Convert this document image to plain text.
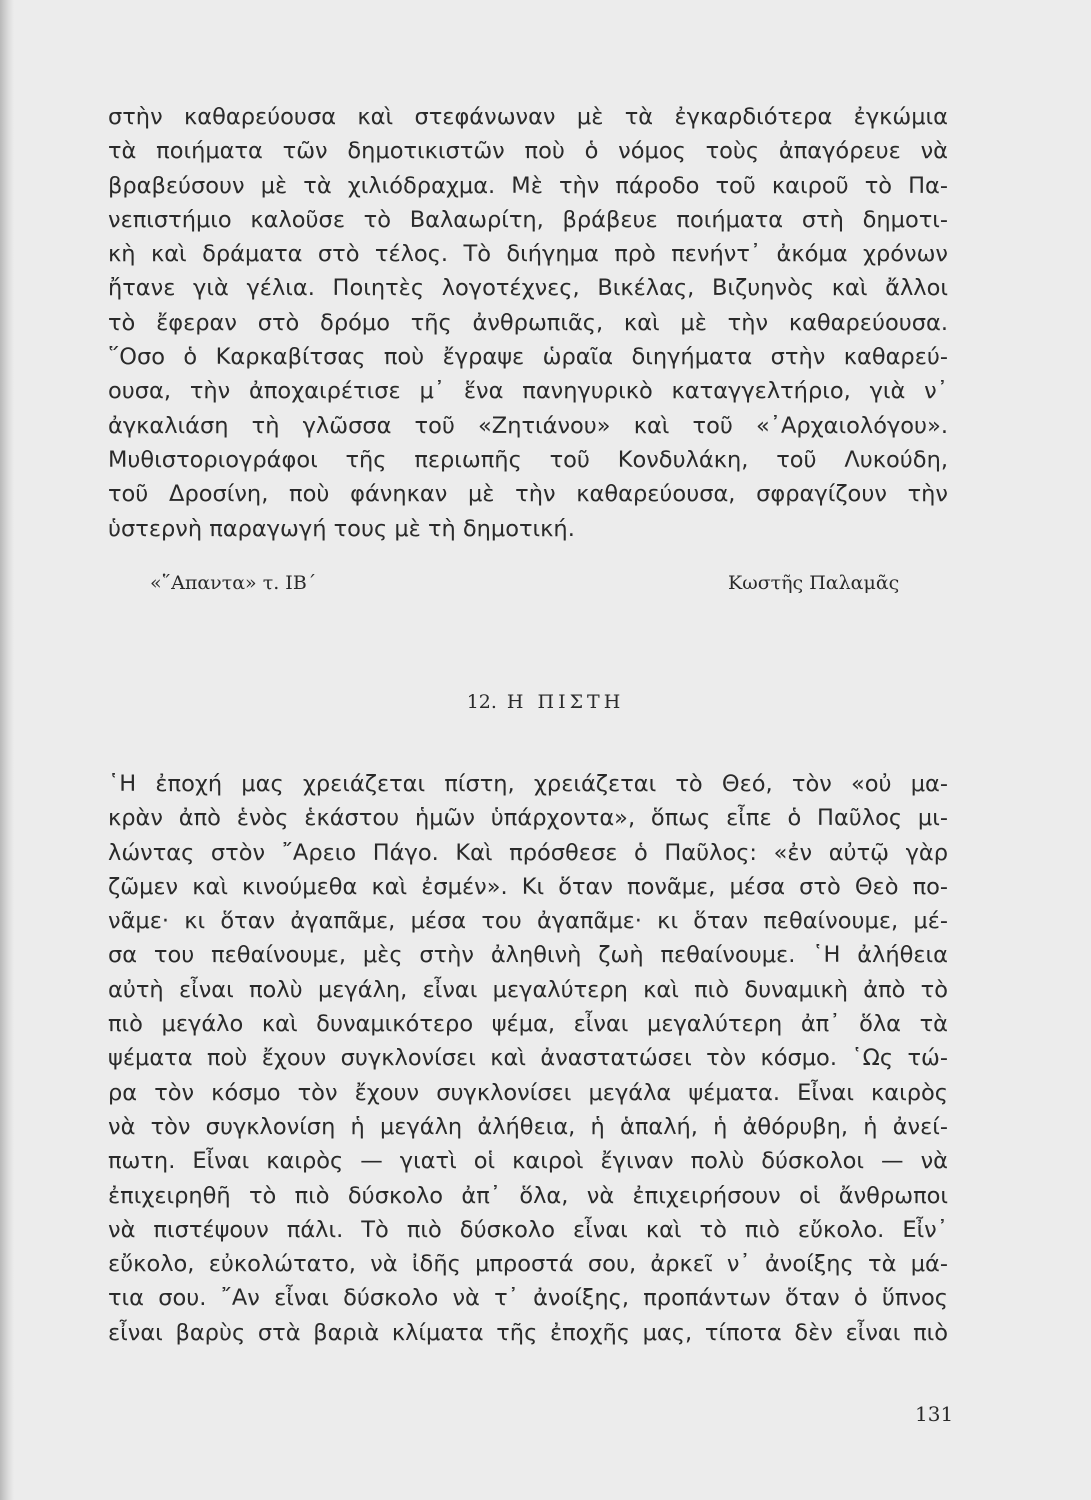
στὴν καθαρεύουσα καὶ στεφάνωναν μὲ τὰ ἐγκαρδιότερα ἐγκώμια
τὰ ποιήματα τῶν δημοτικιστῶν ποὺ ὁ νόμος τοὺς ἀπαγόρευε νὰ
βραβεύσουν μὲ τὰ χιλιόδραχμα. Μὲ τὴν πάροδο τοῦ καιροῦ τὸ Πα-
νεπιστήμιο καλοῦσε τὸ Βαλαωρίτη, βράβευε ποιήματα στὴ δημοτι-
κὴ καὶ δράματα στὸ τέλος. Τὸ διήγημα πρὸ πενήντ᾽ ἀκόμα χρόνων
ἤτανε γιὰ γέλια. Ποιητὲς λογοτέχνες, Βικέλας, Βιζυηνὸς καὶ ἄλλοι
τὸ ἔφεραν στὸ δρόμο τῆς ἀνθρωπιᾶς, καὶ μὲ τὴν καθαρεύουσα.
῞Οσο ὁ Καρκαβίτσας ποὺ ἔγραψε ὡραῖα διηγήματα στὴν καθαρεύ-
ουσα, τὴν ἀποχαιρέτισε μ᾽ ἕνα πανηγυρικὸ καταγγελτήριο, γιὰ ν᾽
ἀγκαλιάση τὴ γλῶσσα τοῦ «Ζητιάνου» καὶ τοῦ «᾽Αρχαιολόγου».
Μυθιστοριογράφοι τῆς περιωπῆς τοῦ Κονδυλάκη, τοῦ Λυκούδη,
τοῦ Δροσίνη, ποὺ φάνηκαν μὲ τὴν καθαρεύουσα, σφραγίζουν τὴν
ὑστερνὴ παραγωγή τους μὲ τὴ δημοτική.
«῞Απαντα» τ. ΙΒ΄	Κωστῆς Παλαμᾶς
12. Η ΠΙΣΤΗ
῾Η ἐποχή μας χρειάζεται πίστη, χρειάζεται τὸ Θεό, τὸν «οὐ μα-
κρὰν ἀπὸ ἑνὸς ἑκάστου ἡμῶν ὑπάρχοντα», ὅπως εἶπε ὁ Παῦλος μι-
λώντας στὸν ῎Αρειο Πάγο. Καὶ πρόσθεσε ὁ Παῦλος: «ἐν αὐτῷ γὰρ
ζῶμεν καὶ κινούμεθα καὶ ἐσμέν». Κι ὅταν πονᾶμε, μέσα στὸ Θεὸ πο-
νᾶμε· κι ὅταν ἀγαπᾶμε, μέσα του ἀγαπᾶμε· κι ὅταν πεθαίνουμε, μέ-
σα του πεθαίνουμε, μὲς στὴν ἀληθινὴ ζωὴ πεθαίνουμε. ῾Η ἀλήθεια
αὐτὴ εἶναι πολὺ μεγάλη, εἶναι μεγαλύτερη καὶ πιὸ δυναμικὴ ἀπὸ τὸ
πιὸ μεγάλο καὶ δυναμικότερο ψέμα, εἶναι μεγαλύτερη ἀπ᾽ ὅλα τὰ
ψέματα ποὺ ἔχουν συγκλονίσει καὶ ἀναστατώσει τὸν κόσμο. ῾Ως τώ-
ρα τὸν κόσμο τὸν ἔχουν συγκλονίσει μεγάλα ψέματα. Εἶναι καιρὸς
νὰ τὸν συγκλονίση ἡ μεγάλη ἀλήθεια, ἡ ἁπαλή, ἡ ἀθόρυβη, ἡ ἀνεί-
πωτη. Εἶναι καιρὸς — γιατὶ οἱ καιροὶ ἔγιναν πολὺ δύσκολοι — νὰ
ἐπιχειρηθῆ τὸ πιὸ δύσκολο ἀπ᾽ ὅλα, νὰ ἐπιχειρήσουν οἱ ἄνθρωποι
νὰ πιστέψουν πάλι. Τὸ πιὸ δύσκολο εἶναι καὶ τὸ πιὸ εὔκολο. Εἶν᾽
εὔκολο, εὐκολώτατο, νὰ ἰδῆς μπροστά σου, ἀρκεῖ ν᾽ ἀνοίξης τὰ μά-
τια σου. ῎Αν εἶναι δύσκολο νὰ τ᾽ ἀνοίξης, προπάντων ὅταν ὁ ὕπνος
εἶναι βαρὺς στὰ βαριὰ κλίματα τῆς ἐποχῆς μας, τίποτα δὲν εἶναι πιὸ
131
